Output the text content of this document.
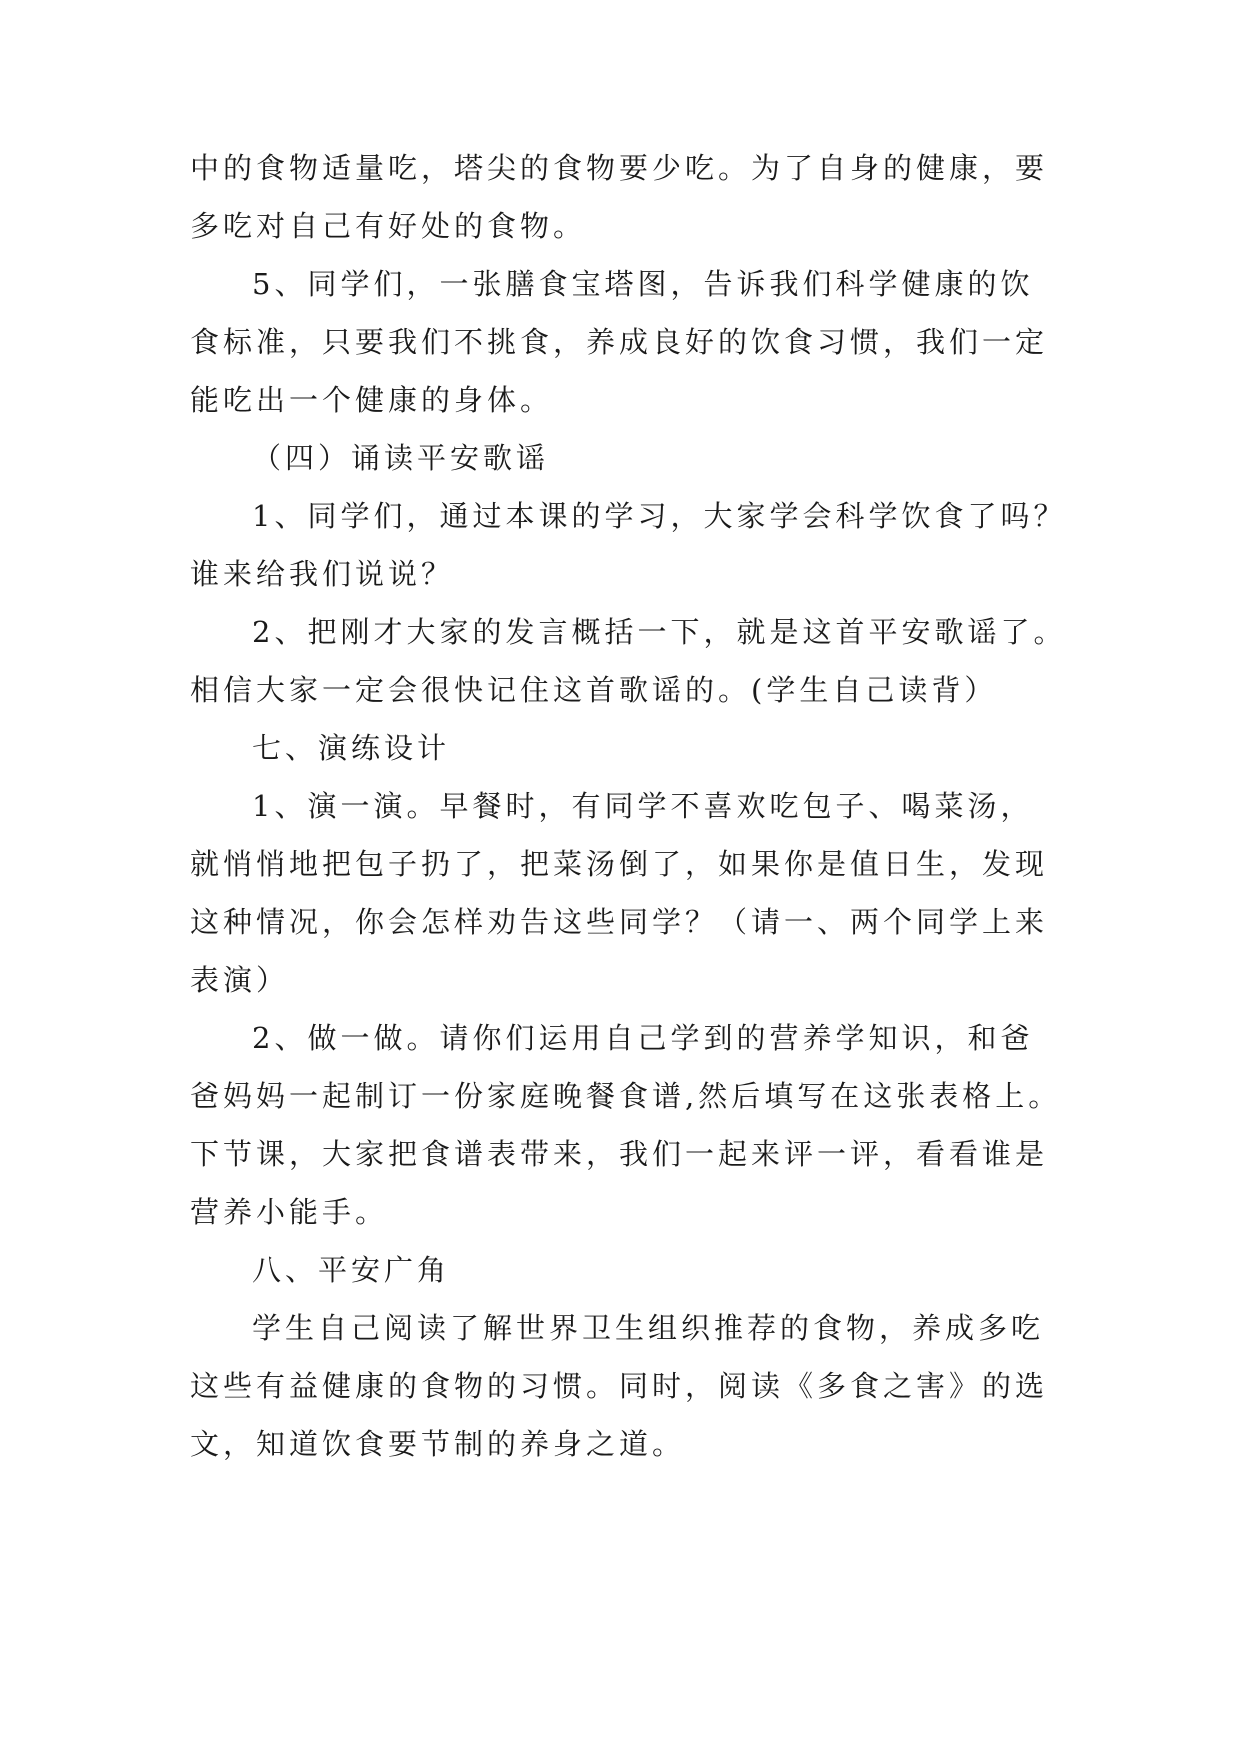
中的食物适量吃，塔尖的食物要少吃。为了自身的健康，要
多吃对自己有好处的食物。
5、同学们，一张膳食宝塔图，告诉我们科学健康的饮
食标准，只要我们不挑食，养成良好的饮食习惯，我们一定
能吃出一个健康的身体。
（四）诵读平安歌谣
1、同学们，通过本课的学习，大家学会科学饮食了吗？
谁来给我们说说？
2、把刚才大家的发言概括一下，就是这首平安歌谣了。
相信大家一定会很快记住这首歌谣的。(学生自己读背）
七、演练设计
1、演一演。早餐时，有同学不喜欢吃包子、喝菜汤，
就悄悄地把包子扔了，把菜汤倒了，如果你是值日生，发现
这种情况，你会怎样劝告这些同学？（请一、两个同学上来
表演）
2、做一做。请你们运用自己学到的营养学知识，和爸
爸妈妈一起制订一份家庭晚餐食谱,然后填写在这张表格上。
下节课，大家把食谱表带来，我们一起来评一评，看看谁是
营养小能手。
八、平安广角
学生自己阅读了解世界卫生组织推荐的食物，养成多吃
这些有益健康的食物的习惯。同时，阅读《多食之害》的选
文，知道饮食要节制的养身之道。
